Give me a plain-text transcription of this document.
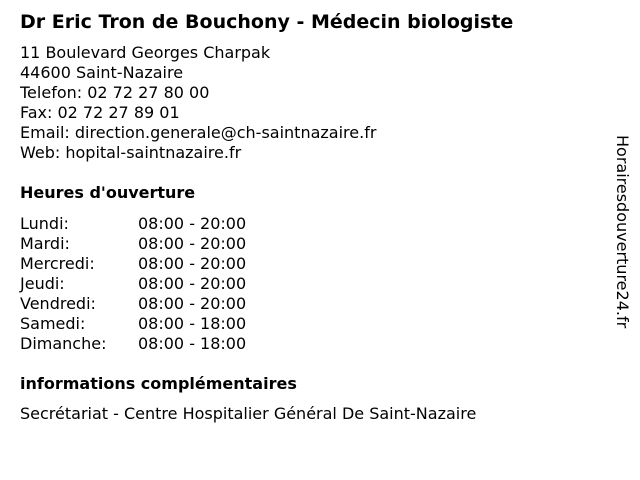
Dr Eric Tron de Bouchony - Médecin biologiste
11 Boulevard Georges Charpak
44600 Saint-Nazaire
Telefon: 02 72 27 80 00
Fax: 02 72 27 89 01
Email: direction.generale@ch-saintnazaire.fr
Web: hopital-saintnazaire.fr
Heures d'ouverture
Lundi:	08:00 - 20:00
Mardi:	08:00 - 20:00
Mercredi:	08:00 - 20:00
Jeudi:	08:00 - 20:00
Vendredi:	08:00 - 20:00
Samedi:	08:00 - 18:00
Dimanche:	08:00 - 18:00
informations complémentaires
Secrétariat - Centre Hospitalier Général De Saint-Nazaire
Horairesdouverture24.fr
